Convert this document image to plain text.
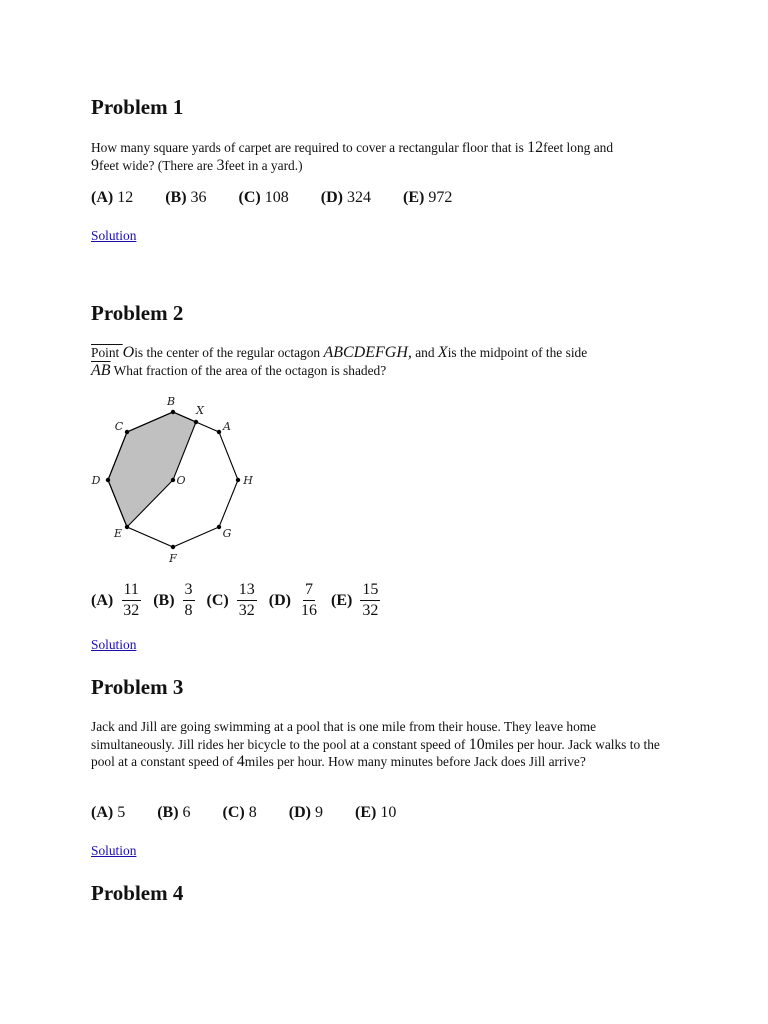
Problem 1

How many square yards of carpet are required to cover a rectangular floor that is 12feet long and
9feet wide? (There are 3feet in a yard.)

(A) 12 (B) 36 (C) 108 (D) 324 (E) 972
Solution
Problem 2

Point Ois the center of the regular octagon ABCDEFGH, and Xis the midpoint of the side
$\overline{AB}$ What fraction of the area of the octagon is shaded?

B
A
H
G
F
E
D
C
X
O
$(A) \frac{11}{32} (B) \frac{3}{8} (C) \frac{13}{32} (D) \frac{7}{16} (E) \frac{15}{32}$
Solution
Problem 3

Jack and Jill are going swimming at a pool that is one mile from their house. They leave home simultaneously. Jill rides her bicycle to the pool at a constant speed of 10miles per hour. Jack walks to the pool at a constant speed of 4miles per hour. How many minutes before Jack does Jill arrive?

(A) 5 (B) 6 (C) 8 (D) 9 (E) 10
Solution
Problem 4
